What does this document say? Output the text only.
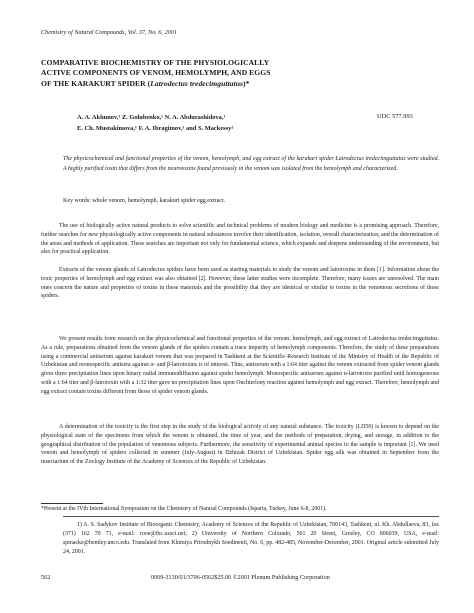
Chemistry of Natural Compounds, Vol. 37, No. 6, 2001
COMPARATIVE BIOCHEMISTRY OF THE PHYSIOLOGICALLY
ACTIVE COMPONENTS OF VENOM, HEMOLYMPH, AND EGGS
OF THE KARAKURT SPIDER (Latrodectus tredecimguttatus)*
A. A. Akhunov,¹ Z. Golubenko,¹ N. A. Abdurashidova,¹
E. Ch. Mustakimova,¹ F. A. Ibragimov,¹ and S. Mackessy²
UDC 577.993
The physicochemical and functional properties of the venom, hemolymph, and egg extract of the karakurt spider Latrodectus tredecimguttatus were studied. A highly purified toxin that differs from the neurotoxins found previously in the venom was isolated from the hemolymph and characterized.
Key words: whole venom, hemolymph, karakurt spider egg extract.

The use of biologically active natural products to solve scientific and technical problems of modern biology and medicine is a promising approach. Therefore, further searches for new physiologically active components in natural substances involve their identification, isolation, overall characterization, and the determination of the areas and methods of application. These searches are important not only for fundamental science, which expands and deepens understanding of the environment, but also for practical application.

Extracts of the venom glands of Latrodectus spiders have been used as starting materials to study the venom and latrotoxins in them [1]. Information about the toxic properties of hemolymph and egg extract was also obtained [2]. However, these latter studies were incomplete. Therefore, many issues are unresolved. The main ones concern the nature and properties of toxins in these materials and the possibility that they are identical or similar to toxins in the venomous secretions of these spiders.

We present results from research on the physicochemical and functional properties of the venom, hemolymph, and egg extract of Latrodectus tredecimguttatus. As a rule, preparations obtained from the venom glands of the spiders contain a trace impurity of hemolymph components. Therefore, the study of these preparations using a commercial antiserum against karakurt venom that was prepared in Tashkent at the Scientific-Research Institute of the Ministry of Health of the Republic of Uzbekistan and monospecific antisera against α- and β-latrotoxins is of interest. Thus, antiserum with a 1:64 titer against the venom extracted from spider venom glands gives three precipitation lines upon binary radial immunodiffusion against spider hemolymph. Monospecific antiserum against α-latrotoxin purified until homogeneous with a 1:64 titer and β-latrotoxin with a 1:32 titer gave no precipitation lines upon Ouchterlony reaction against hemolymph and egg extract. Therefore, hemolymph and egg extract contain toxins different from those of spider venom glands.

A determination of the toxicity is the first step in the study of the biological activity of any natural substance. The toxicity (LD50) is known to depend on the physiological state of the specimens from which the venom is obtained, the time of year, and the methods of preparation, drying, and storage, in addition to the geographical distribution of the population of venomous subjects. Furthermore, the sensitivity of experimental animal species to the sample is important [1]. We used venom and hemolymph of spiders collected in summer (July-August) in Dzhizak District of Uzbekistan. Spider egg silk was obtained in September from the insectarium of the Zoology Institute of the Academy of Sciences of the Republic of Uzbekistan.

*Present at the IVth International Symposium on the Chemistry of Natural Compounds (Isparta, Turkey, June 6-8, 2001).
1) A. S. Sadykov Institute of Bioorganic Chemistry, Academy of Sciences of the Republic of Uzbekistan, 700143, Tashkent, ul. Kh. Abdullaeva, 83, fax (371) 162 70 71, e-mail: rooe@ibc.uzsci.net; 2) University of Northern Colorado, 501 20 Street, Greeley, CO 806039, USA, e-mail: spmacke@bentley.unco.edu. Translated from Khimiya Prirodnykh Soedinenii, No. 6, pp. 482-485, November-December, 2001. Original article submitted July 24, 2001.
562	0009-3130/01/3706-0562$25.00 ©2001 Plenum Publishing Corporation
